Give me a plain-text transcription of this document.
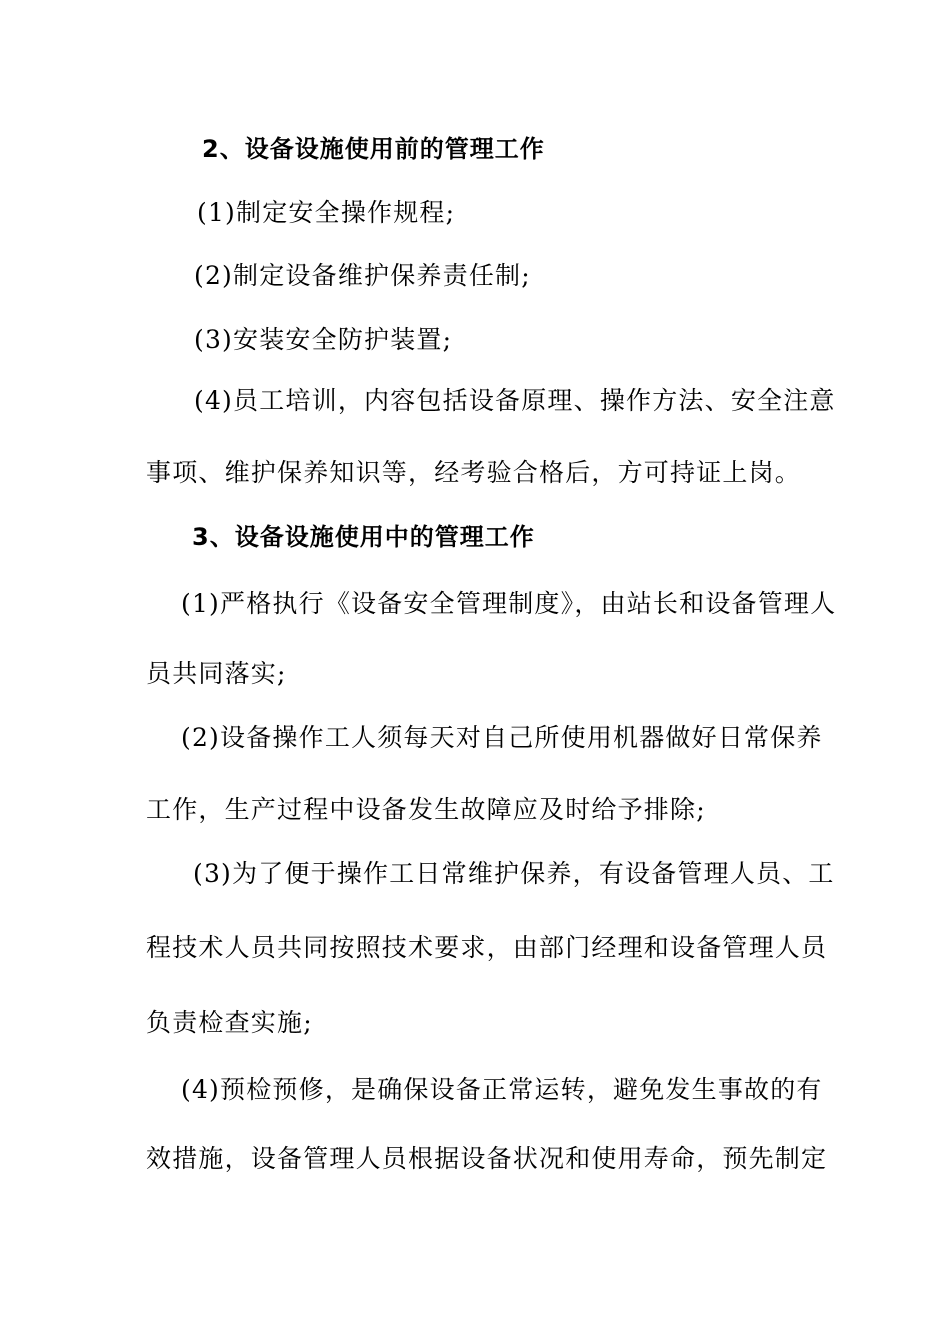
2、设备设施使用前的管理工作
(1)制定安全操作规程;
(2)制定设备维护保养责任制;
(3)安装安全防护装置;
(4)员工培训，内容包括设备原理、操作方法、安全注意
事项、维护保养知识等，经考验合格后，方可持证上岗。
3、设备设施使用中的管理工作
(1)严格执行《设备安全管理制度》，由站长和设备管理人
员共同落实;
(2)设备操作工人须每天对自己所使用机器做好日常保养
工作，生产过程中设备发生故障应及时给予排除;
(3)为了便于操作工日常维护保养，有设备管理人员、工
程技术人员共同按照技术要求，由部门经理和设备管理人员
负责检查实施;
(4)预检预修，是确保设备正常运转，避免发生事故的有
效措施，设备管理人员根据设备状况和使用寿命，预先制定
